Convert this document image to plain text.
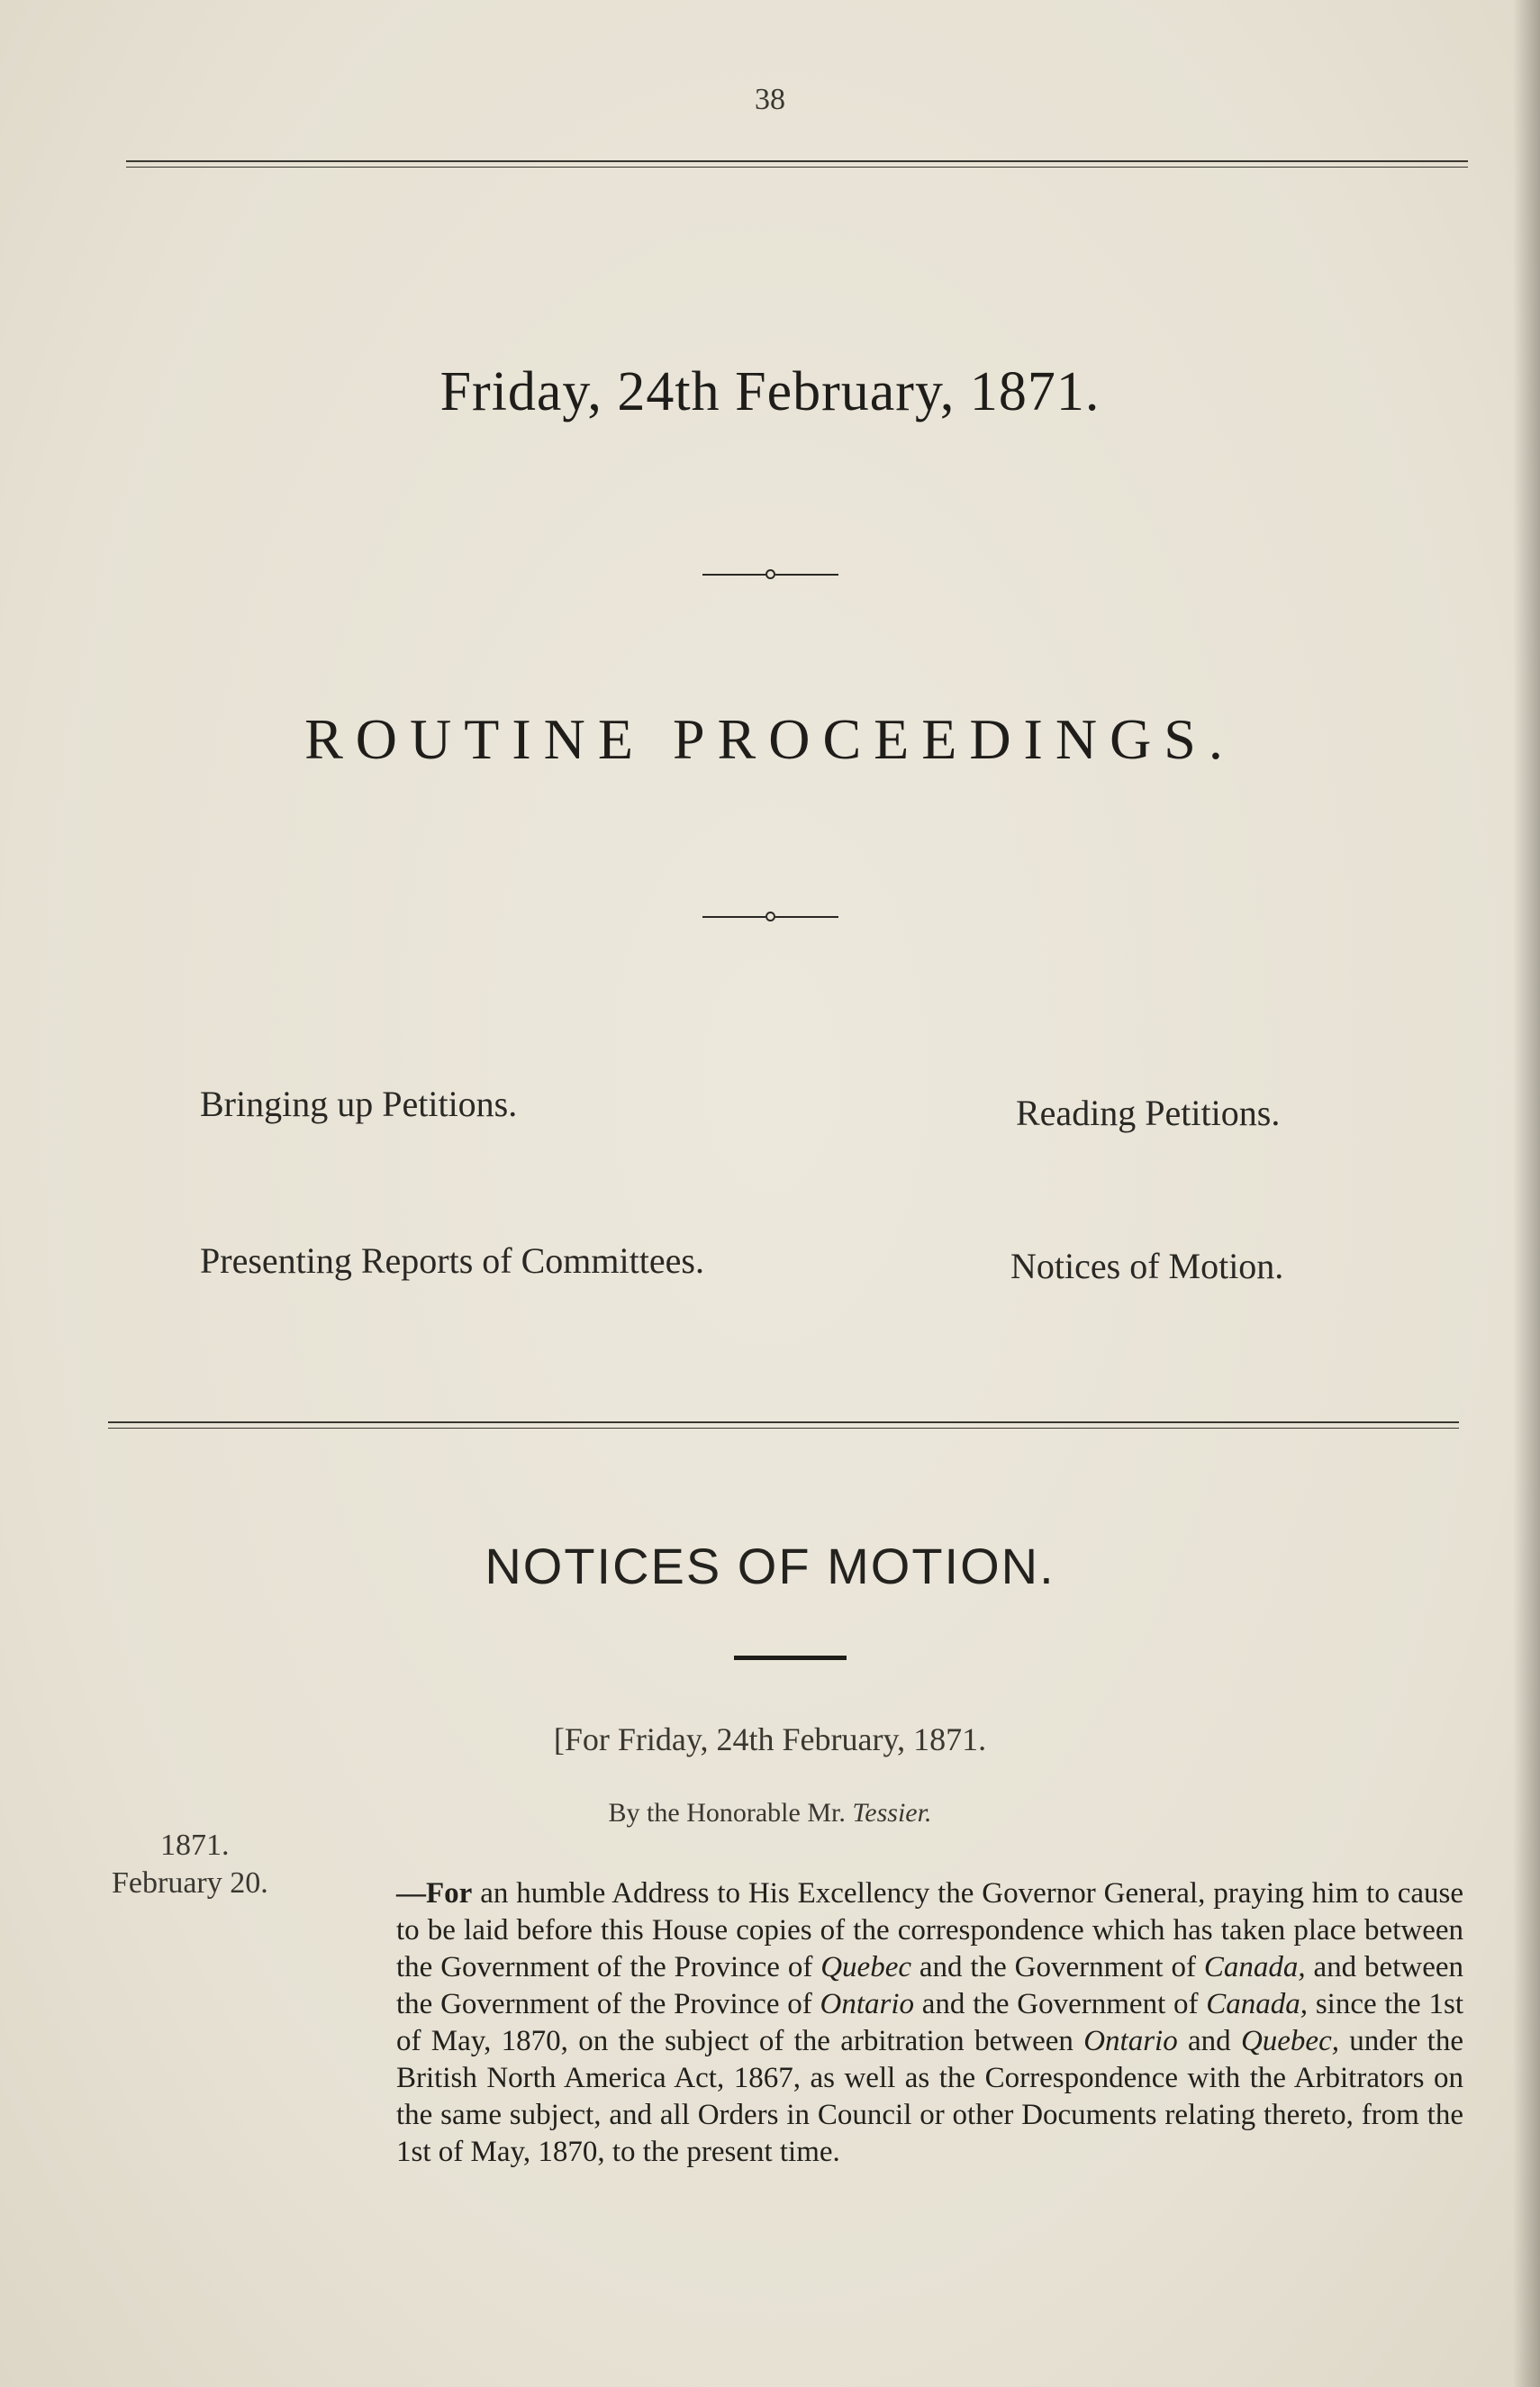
38
Friday, 24th February, 1871.
ROUTINE PROCEEDINGS.
Bringing up Petitions.	Reading Petitions.
Presenting Reports of Committees.	Notices of Motion.
NOTICES OF MOTION.
[For Friday, 24th February, 1871.
By the Honorable Mr. Tessier.
1871.
February 20.	—For an humble Address to His Excellency the Governor General, praying him to cause to be laid before this House copies of the correspondence which has taken place between the Government of the Province of Quebec and the Government of Canada, and between the Government of the Province of Ontario and the Government of Canada, since the 1st of May, 1870, on the subject of the arbitration between Ontario and Quebec, under the British North America Act, 1867, as well as the Correspondence with the Arbitrators on the same subject, and all Orders in Council or other Documents relating thereto, from the 1st of May, 1870, to the present time.
